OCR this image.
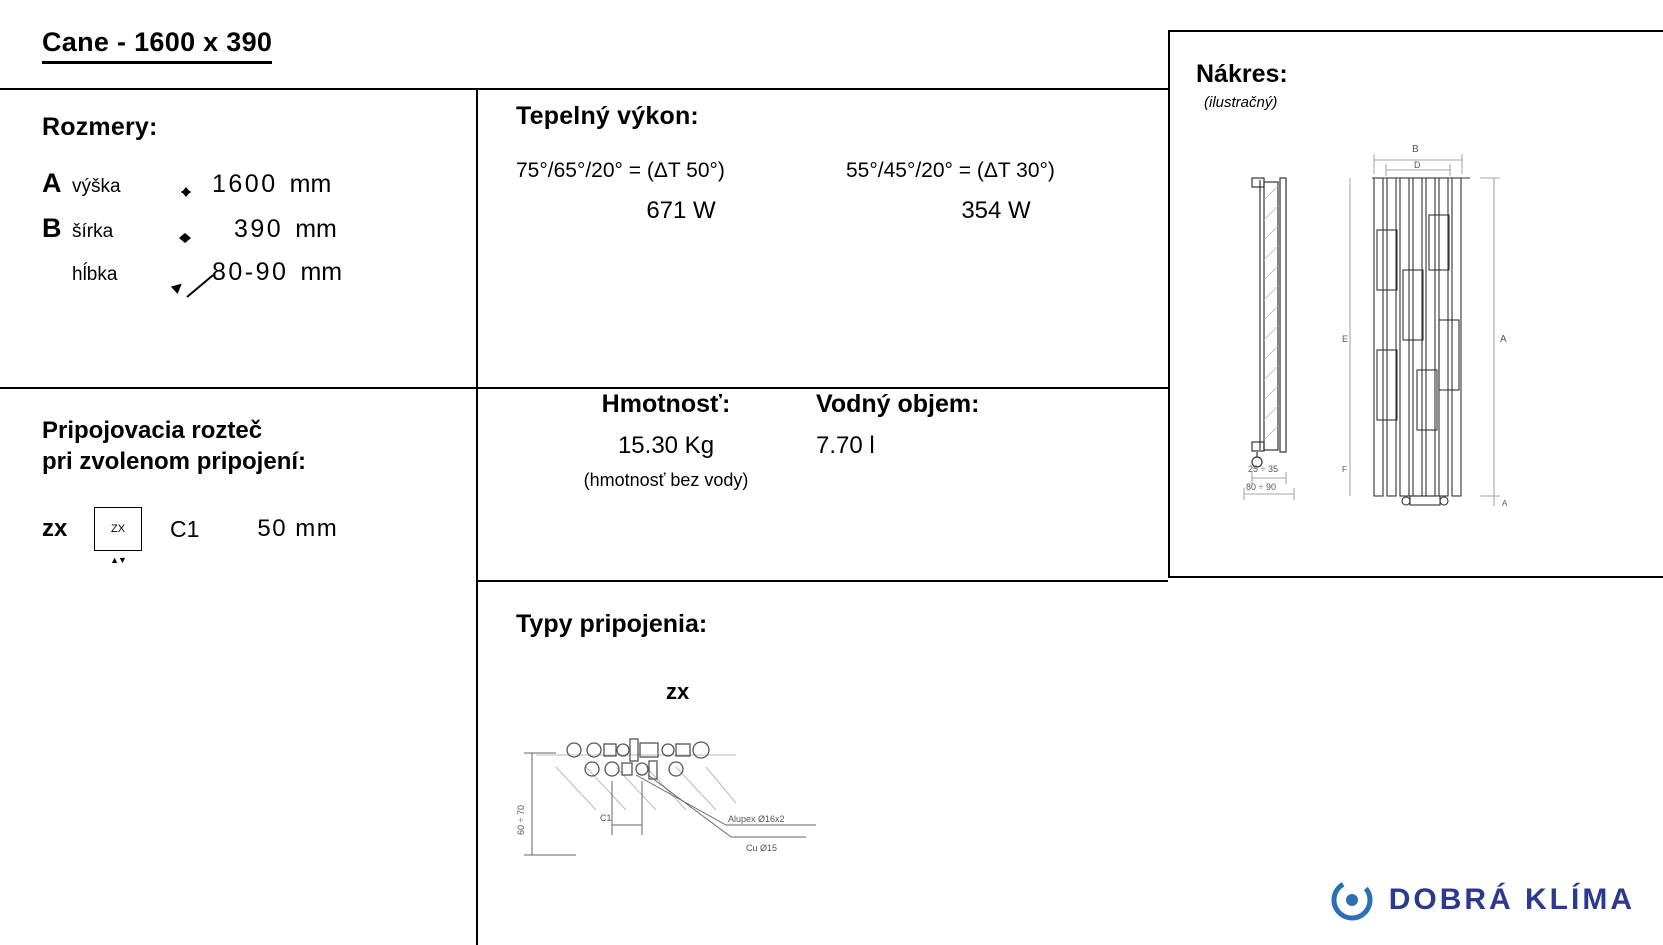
Cane - 1600 x 390
Rozmery:
A výška	1600 mm
B šírka	390 mm
hĺbka	80-90 mm
Tepelný výkon:
75°/65°/20° = (ΔT 50°)	55°/45°/20° = (ΔT 30°)
671 W	354 W
Hmotnosť:
15.30 Kg
(hmotnosť bez vody)
Vodný objem:
7.70 l
Pripojovacia rozteč
pri zvolenom pripojení:
zx	ZX
▲▼ C1 50 mm
Typy pripojenia:
zx
60 ÷ 70	C1	Alupex Ø16x2
Cu Ø15
Nákres:
(ilustračný)
25 ÷ 35
80 ÷ 90
B
D
A
E
F
A
DOBRÁ KLÍMA
